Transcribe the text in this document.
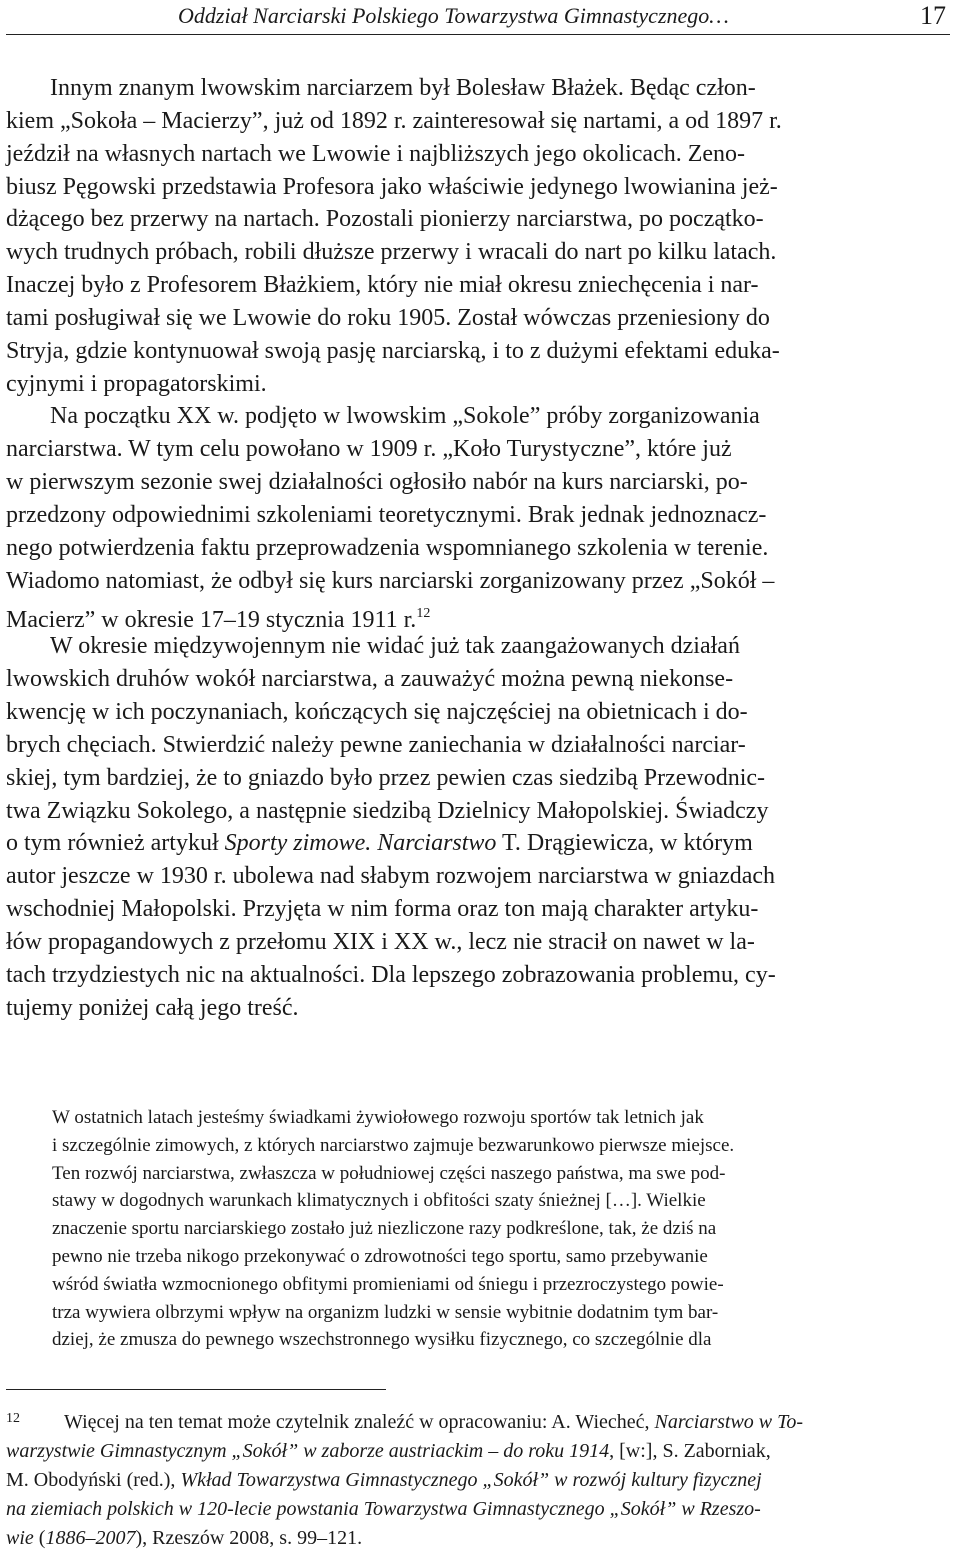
Oddział Narciarski Polskiego Towarzystwa Gimnastycznego…	17
Innym znanym lwowskim narciarzem był Bolesław Błażek. Będąc człon-
kiem „Sokoła – Macierzy”, już od 1892 r. zainteresował się nartami, a od 1897 r.
jeździł na własnych nartach we Lwowie i najbliższych jego okolicach. Zeno-
biusz Pęgowski przedstawia Profesora jako właściwie jedynego lwowianina jeż-
dżącego bez przerwy na nartach. Pozostali pionierzy narciarstwa, po początko-
wych trudnych próbach, robili dłuższe przerwy i wracali do nart po kilku latach.
Inaczej było z Profesorem Błażkiem, który nie miał okresu zniechęcenia i nar-
tami posługiwał się we Lwowie do roku 1905. Został wówczas przeniesiony do
Stryja, gdzie kontynuował swoją pasję narciarską, i to z dużymi efektami eduka-
cyjnymi i propagatorskimi.
Na początku XX w. podjęto w lwowskim „Sokole” próby zorganizowania
narciarstwa. W tym celu powołano w 1909 r. „Koło Turystyczne”, które już
w pierwszym sezonie swej działalności ogłosiło nabór na kurs narciarski, po-
przedzony odpowiednimi szkoleniami teoretycznymi. Brak jednak jednoznacz-
nego potwierdzenia faktu przeprowadzenia wspomnianego szkolenia w terenie.
Wiadomo natomiast, że odbył się kurs narciarski zorganizowany przez „Sokół –
Macierz” w okresie 17–19 stycznia 1911 r.$^{12}$
W okresie międzywojennym nie widać już tak zaangażowanych działań
lwowskich druhów wokół narciarstwa, a zauważyć można pewną niekonse-
kwencję w ich poczynaniach, kończących się najczęściej na obietnicach i do-
brych chęciach. Stwierdzić należy pewne zaniechania w działalności narciar-
skiej, tym bardziej, że to gniazdo było przez pewien czas siedzibą Przewodnic-
twa Związku Sokolego, a następnie siedzibą Dzielnicy Małopolskiej. Świadczy
o tym również artykuł Sporty zimowe. Narciarstwo T. Drągiewicza, w którym
autor jeszcze w 1930 r. ubolewa nad słabym rozwojem narciarstwa w gniazdach
wschodniej Małopolski. Przyjęta w nim forma oraz ton mają charakter artyku-
łów propagandowych z przełomu XIX i XX w., lecz nie stracił on nawet w la-
tach trzydziestych nic na aktualności. Dla lepszego zobrazowania problemu, cy-
tujemy poniżej całą jego treść.
W ostatnich latach jesteśmy świadkami żywiołowego rozwoju sportów tak letnich jak
i szczególnie zimowych, z których narciarstwo zajmuje bezwarunkowo pierwsze miejsce.
Ten rozwój narciarstwa, zwłaszcza w południowej części naszego państwa, ma swe pod-
stawy w dogodnych warunkach klimatycznych i obfitości szaty śnieżnej […]. Wielkie
znaczenie sportu narciarskiego zostało już niezliczone razy podkreślone, tak, że dziś na
pewno nie trzeba nikogo przekonywać o zdrowotności tego sportu, samo przebywanie
wśród światła wzmocnionego obfitymi promieniami od śniegu i przezroczystego powie-
trza wywiera olbrzymi wpływ na organizm ludzki w sensie wybitnie dodatnim tym bar-
dziej, że zmusza do pewnego wszechstronnego wysiłku fizycznego, co szczególnie dla
12 Więcej na ten temat może czytelnik znaleźć w opracowaniu: A. Wiecheć, Narciarstwo w To-
warzystwie Gimnastycznym „Sokół” w zaborze austriackim – do roku 1914, [w:], S. Zaborniak,
M. Obodyński (red.), Wkład Towarzystwa Gimnastycznego „Sokół” w rozwój kultury fizycznej
na ziemiach polskich w 120-lecie powstania Towarzystwa Gimnastycznego „Sokół” w Rzeszo-
wie (1886–2007), Rzeszów 2008, s. 99–121.
